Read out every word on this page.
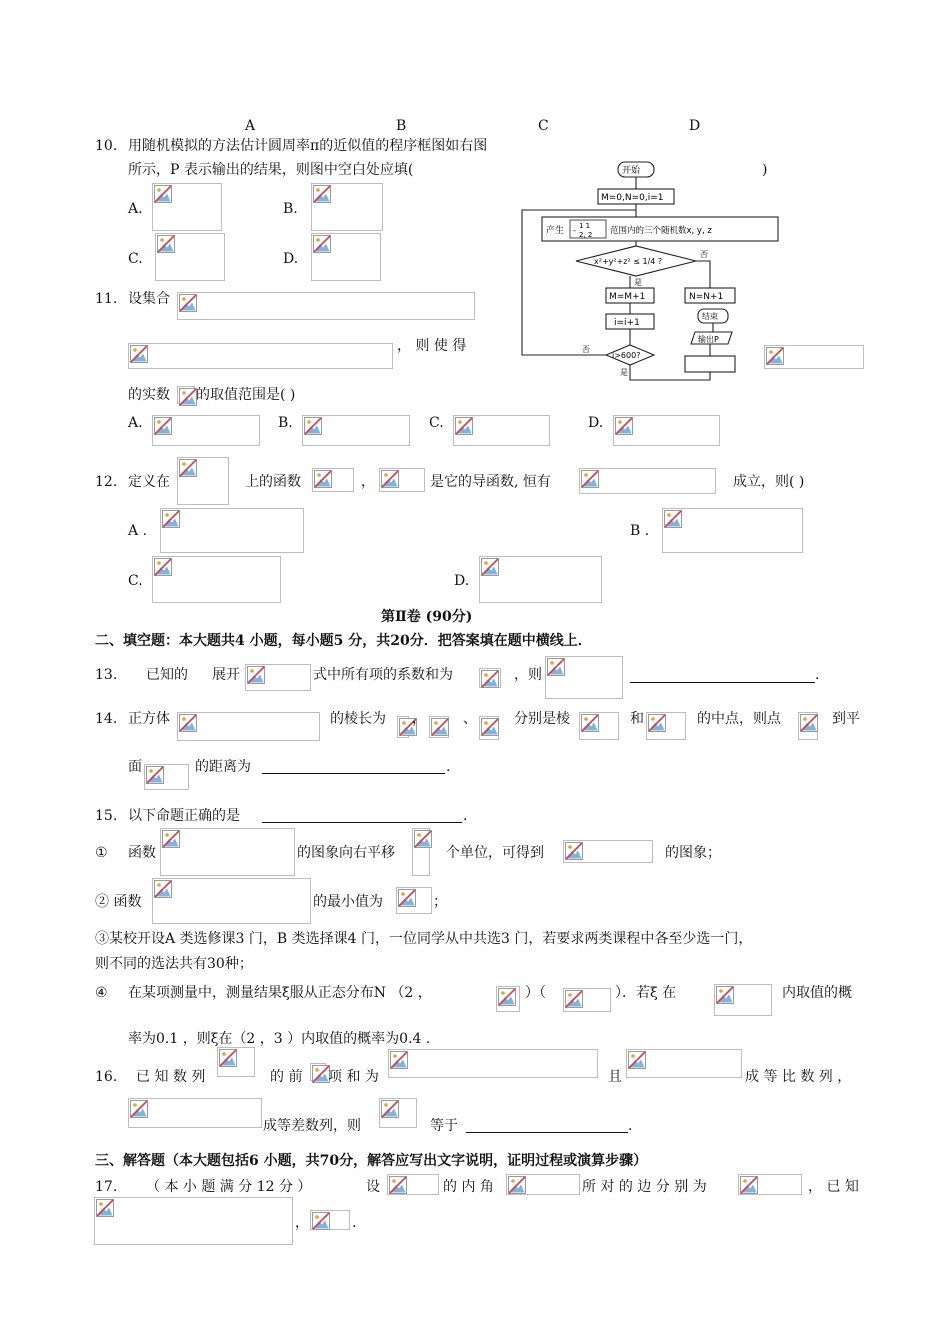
A	B	C	D
10. 用随机模拟的方法估计圆周率π的近似值的程序框图如右图
所示，P 表示输出的结果，则图中空白处应填(	)
A.	B.
C.	D.
开始
M=0,N=0,i=1
产生 - 1 1
2, 2 范围内的三个随机数x, y, z
x²+y²+z² ≤ 1/4 ?
否
是
M=M+1	N=N+1
i=i+1
结束
输出P
i>600?
否
是
11. 设集合
， 则 使 得
的实数 的取值范围是( )
A.	B.	C.	D.
12. 定义在	上的函数	，	是它的导函数, 恒有	成立，则( )
A .	B .
C.	D.
第Ⅱ卷 (90分)
二、填空题：本大题共4 小题，每小题5 分，共20分．把答案填在题中横线上．
13. 已知的 展开	式中所有项的系数和为	，则	.
14. 正方体	的棱长为 ，	、	分别是棱	和	的中点，则点	到平
面	的距离为	.
15. 以下命题正确的是	.
① 函数	的图象向右平移	个单位，可得到	的图象；
② 函数	的最小值为	；
③某校开设A 类选修课3 门，B 类选择课4 门，一位同学从中共选3 门，若要求两类课程中各至少选一门，
则不同的选法共有30种；
④ 在某项测量中，测量结果ξ服从正态分布N （2 ，	）（	）．若ξ 在	内取值的概
率为0.1 ，则ξ在（2 ，3 ）内取值的概率为0.4 .
16. 已 知 数 列	的 前 项 和 为	且	成 等 比 数 列 ，
成等差数列，则	等于	.
三、解答题（本大题包括6 小题，共70分，解答应写出文字说明，证明过程或演算步骤）
17. （ 本 小 题 满 分 12 分 ）	设	的 内 角	所 对 的 边 分 别 为	， 已 知
，	.
